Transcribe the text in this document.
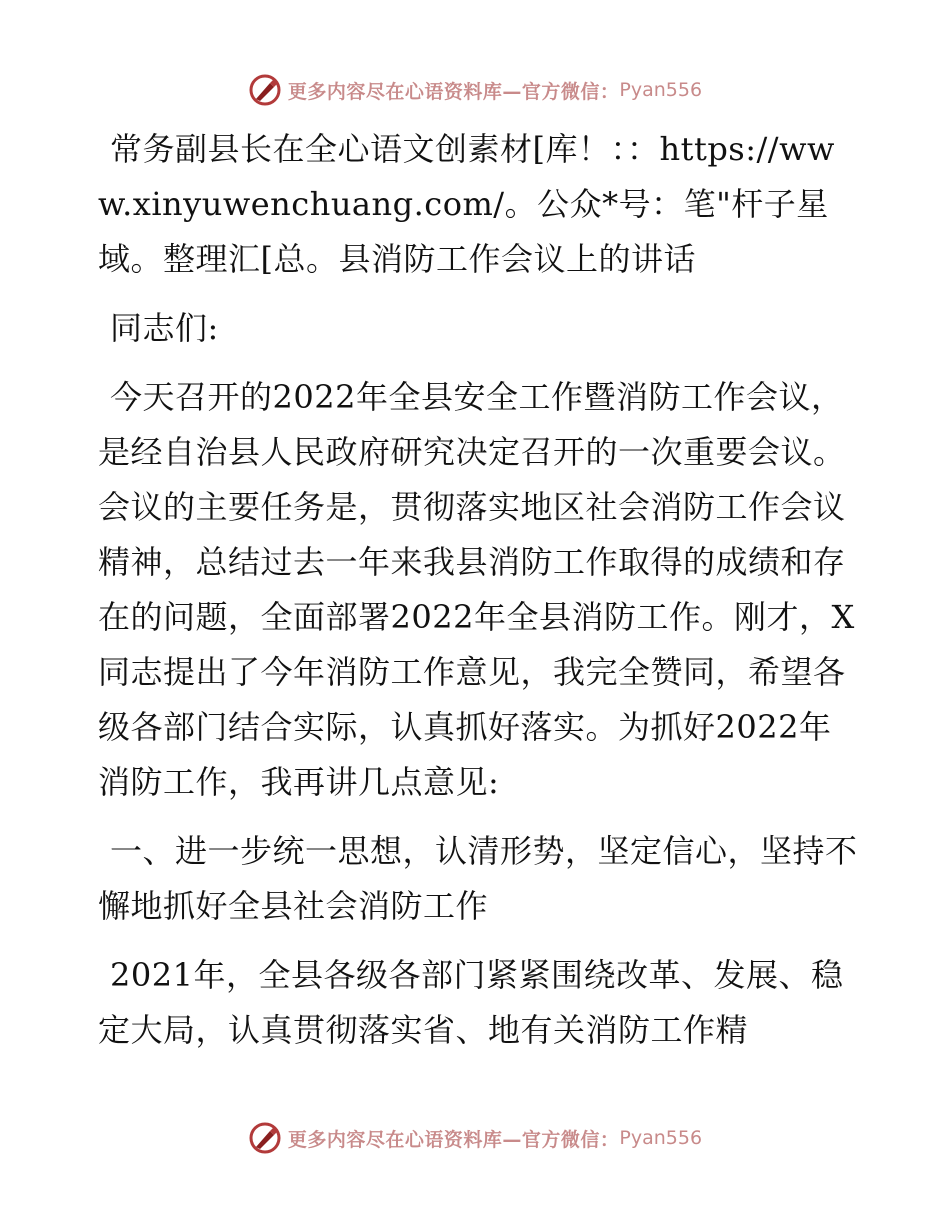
更多内容尽在心语资料库—官方微信： Pyan556

常务副县长在全心语文创素材[库！：：https://www.xinyuwenchuang.com/。公众*号：笔"杆子星域。整理汇[总。县消防工作会议上的讲话

同志们:

今天召开的2022年全县安全工作暨消防工作会议，是经自治县人民政府研究决定召开的一次重要会议。会议的主要任务是，贯彻落实地区社会消防工作会议精神，总结过去一年来我县消防工作取得的成绩和存在的问题，全面部署2022年全县消防工作。刚才，X同志提出了今年消防工作意见，我完全赞同，希望各级各部门结合实际，认真抓好落实。为抓好2022年消防工作，我再讲几点意见:

一、进一步统一思想，认清形势，坚定信心，坚持不懈地抓好全县社会消防工作

2021年，全县各级各部门紧紧围绕改革、发展、稳定大局，认真贯彻落实省、地有关消防工作精

更多内容尽在心语资料库—官方微信： Pyan556
